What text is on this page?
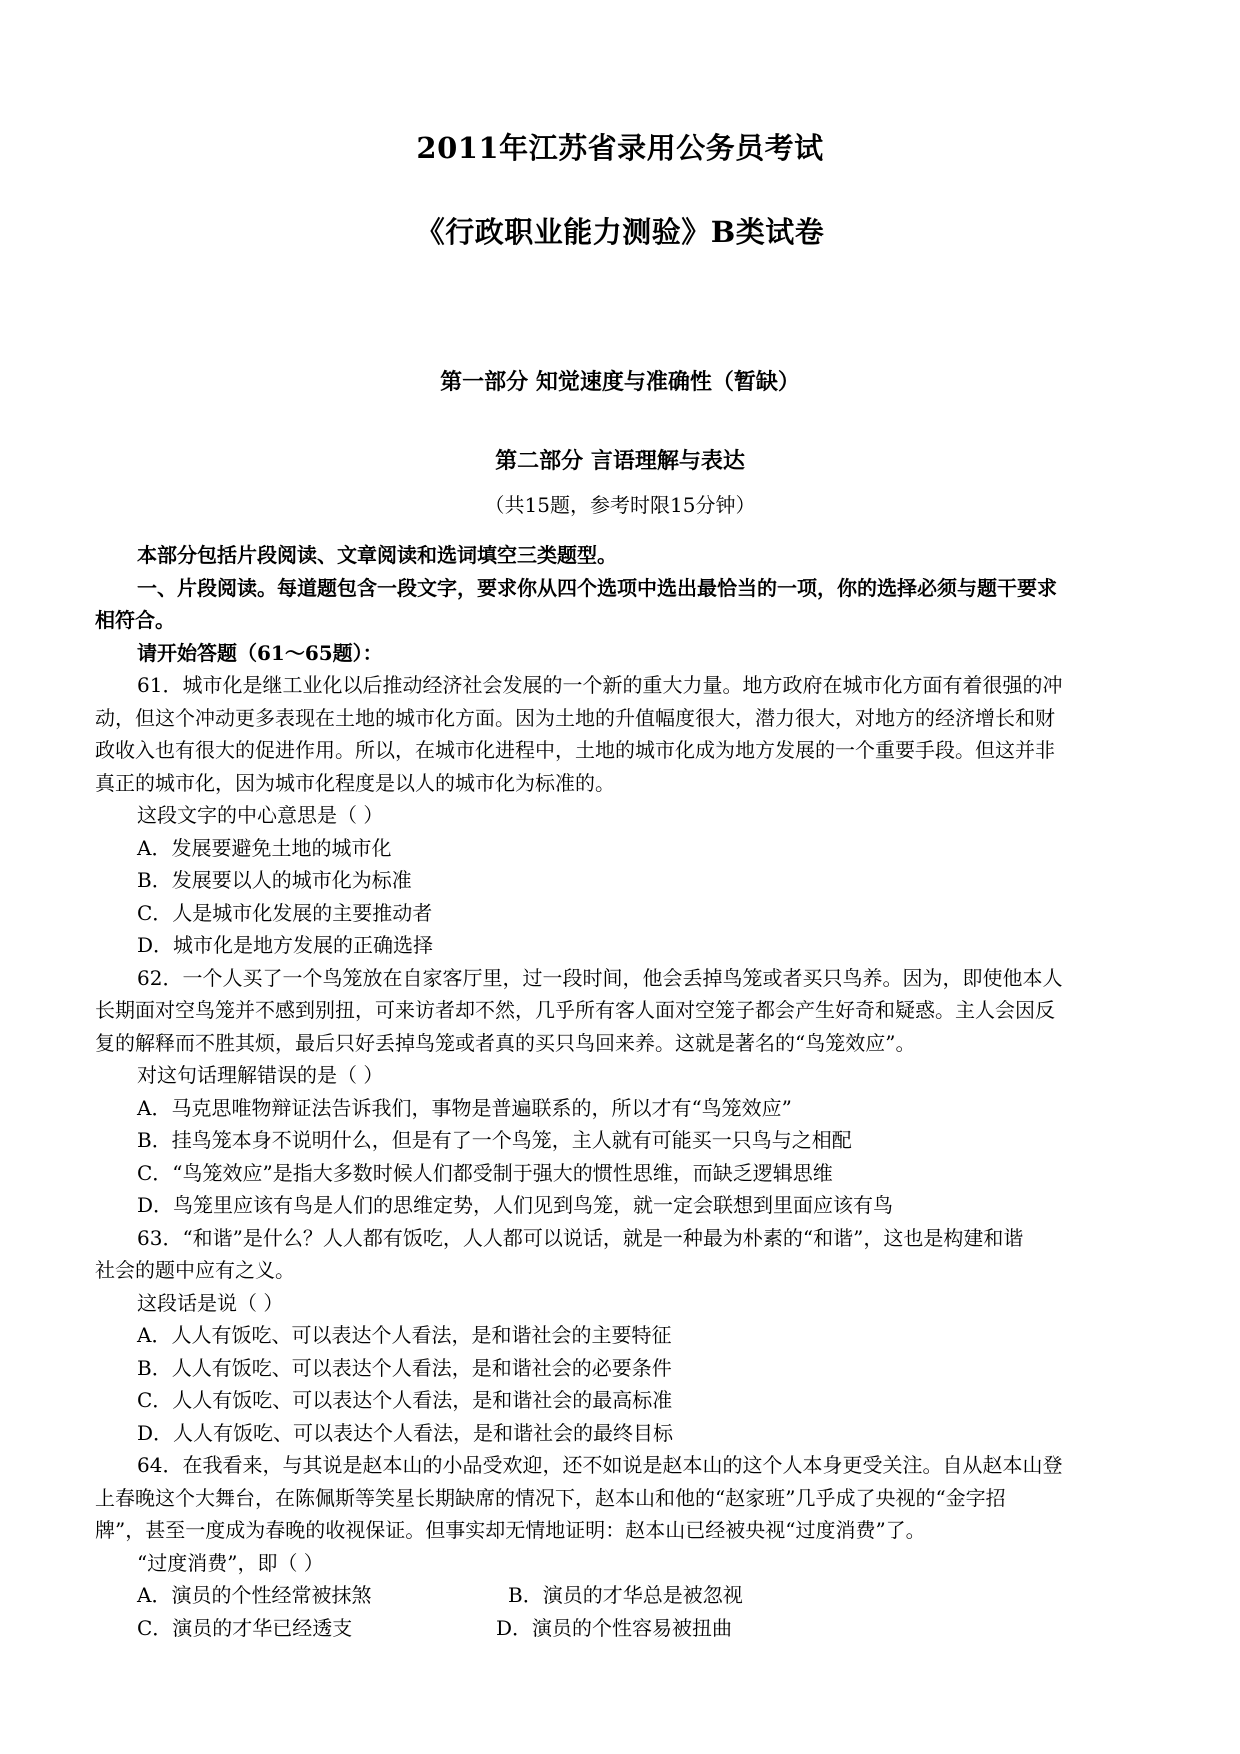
2011年江苏省录用公务员考试
《行政职业能力测验》B类试卷
第一部分 知觉速度与准确性（暂缺）
第二部分 言语理解与表达
（共15题，参考时限15分钟）
本部分包括片段阅读、文章阅读和选词填空三类题型。
一、片段阅读。每道题包含一段文字，要求你从四个选项中选出最恰当的一项，你的选择必须与题干要求
相符合。
请开始答题（61～65题）：
61．城市化是继工业化以后推动经济社会发展的一个新的重大力量。地方政府在城市化方面有着很强的冲
动，但这个冲动更多表现在土地的城市化方面。因为土地的升值幅度很大，潜力很大，对地方的经济增长和财
政收入也有很大的促进作用。所以，在城市化进程中，土地的城市化成为地方发展的一个重要手段。但这并非
真正的城市化，因为城市化程度是以人的城市化为标准的。
这段文字的中心意思是（ ）
A．发展要避免土地的城市化
B．发展要以人的城市化为标准
C．人是城市化发展的主要推动者
D．城市化是地方发展的正确选择
62．一个人买了一个鸟笼放在自家客厅里，过一段时间，他会丢掉鸟笼或者买只鸟养。因为，即使他本人
长期面对空鸟笼并不感到别扭，可来访者却不然，几乎所有客人面对空笼子都会产生好奇和疑惑。主人会因反
复的解释而不胜其烦，最后只好丢掉鸟笼或者真的买只鸟回来养。这就是著名的“鸟笼效应”。
对这句话理解错误的是（ ）
A．马克思唯物辩证法告诉我们，事物是普遍联系的，所以才有“鸟笼效应”
B．挂鸟笼本身不说明什么，但是有了一个鸟笼，主人就有可能买一只鸟与之相配
C．“鸟笼效应”是指大多数时候人们都受制于强大的惯性思维，而缺乏逻辑思维
D．鸟笼里应该有鸟是人们的思维定势，人们见到鸟笼，就一定会联想到里面应该有鸟
63．“和谐”是什么？人人都有饭吃，人人都可以说话，就是一种最为朴素的“和谐”，这也是构建和谐
社会的题中应有之义。
这段话是说（ ）
A．人人有饭吃、可以表达个人看法，是和谐社会的主要特征
B．人人有饭吃、可以表达个人看法，是和谐社会的必要条件
C．人人有饭吃、可以表达个人看法，是和谐社会的最高标准
D．人人有饭吃、可以表达个人看法，是和谐社会的最终目标
64．在我看来，与其说是赵本山的小品受欢迎，还不如说是赵本山的这个人本身更受关注。自从赵本山登
上春晚这个大舞台，在陈佩斯等笑星长期缺席的情况下，赵本山和他的“赵家班”几乎成了央视的“金字招
牌”，甚至一度成为春晚的收视保证。但事实却无情地证明：赵本山已经被央视“过度消费”了。
“过度消费”，即（ ）
A．演员的个性经常被抹煞	B．演员的才华总是被忽视
C．演员的才华已经透支	D．演员的个性容易被扭曲
